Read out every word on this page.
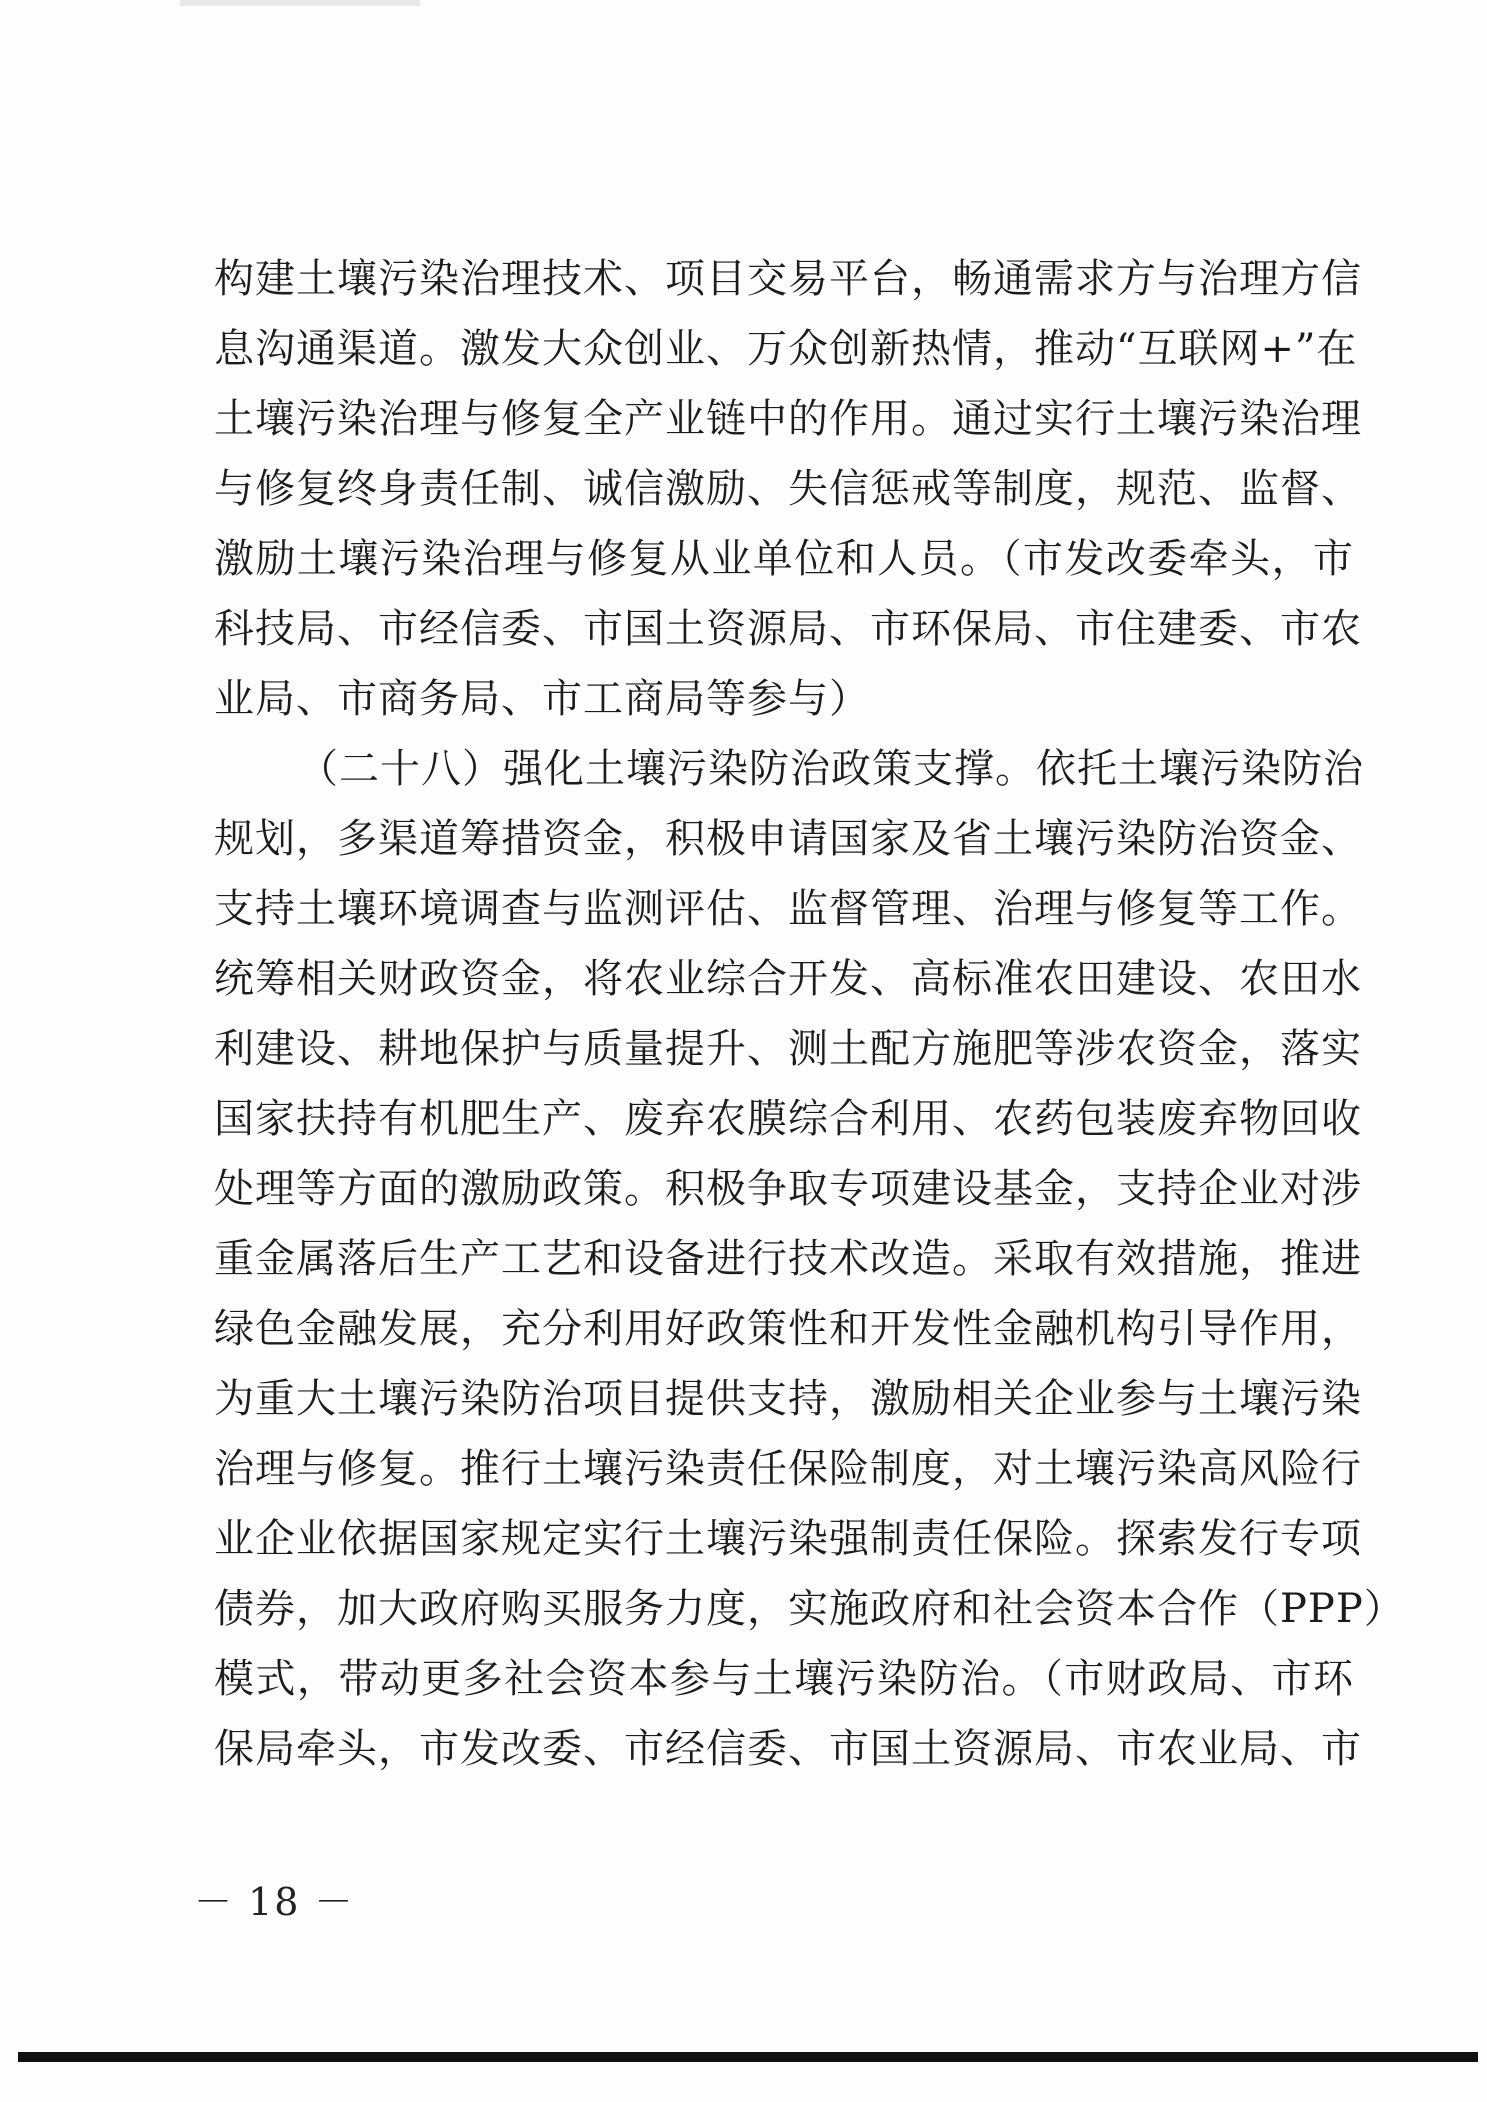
构建土壤污染治理技术、项目交易平台，畅通需求方与治理方信
息沟通渠道。激发大众创业、万众创新热情，推动“互联网+”在
土壤污染治理与修复全产业链中的作用。通过实行土壤污染治理
与修复终身责任制、诚信激励、失信惩戒等制度，规范、监督、
激励土壤污染治理与修复从业单位和人员。（市发改委牵头，市
科技局、市经信委、市国土资源局、市环保局、市住建委、市农
业局、市商务局、市工商局等参与）
（二十八）强化土壤污染防治政策支撑。依托土壤污染防治
规划，多渠道筹措资金，积极申请国家及省土壤污染防治资金、
支持土壤环境调查与监测评估、监督管理、治理与修复等工作。
统筹相关财政资金，将农业综合开发、高标准农田建设、农田水
利建设、耕地保护与质量提升、测土配方施肥等涉农资金，落实
国家扶持有机肥生产、废弃农膜综合利用、农药包装废弃物回收
处理等方面的激励政策。积极争取专项建设基金，支持企业对涉
重金属落后生产工艺和设备进行技术改造。采取有效措施，推进
绿色金融发展，充分利用好政策性和开发性金融机构引导作用，
为重大土壤污染防治项目提供支持，激励相关企业参与土壤污染
治理与修复。推行土壤污染责任保险制度，对土壤污染高风险行
业企业依据国家规定实行土壤污染强制责任保险。探索发行专项
债券，加大政府购买服务力度，实施政府和社会资本合作（PPP）
模式，带动更多社会资本参与土壤污染防治。（市财政局、市环
保局牵头，市发改委、市经信委、市国土资源局、市农业局、市
－ 18 －
